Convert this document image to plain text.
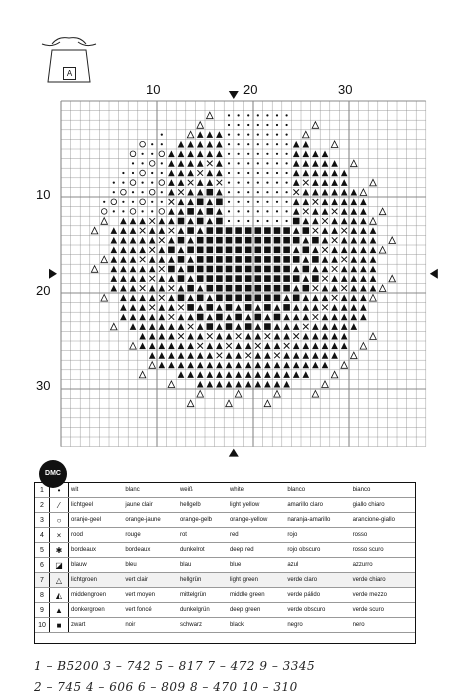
A
10	20	30
10
20
30
DMC
1	•	wit	blanc	weiß	white	blanco	bianco
2	⁄	lichtgeel	jaune clair	hellgelb	light yellow	amarillo claro	giallo chiaro
3	○	oranje-geel	orange-jaune	orange-gelb	orange-yellow	naranja-amarillo	arancione-giallo
4	×	rood	rouge	rot	red	rojo	rosso
5	✱	bordeaux	bordeaux	dunkelrot	deep red	rojo obscuro	rosso scuro
6	◪	blauw	bleu	blau	blue	azul	azzurro
7	△	lichtgroen	vert clair	hellgrün	light green	verde claro	verde chiaro
8	◭	middengroen	vert moyen	mittelgrün	middle green	verde pálido	verde mezzo
9	▲	donkergroen	vert foncé	dunkelgrün	deep green	verde obscuro	verde scuro
10	■	zwart	noir	schwarz	black	negro	nero
1 – B5200 3 – 742 5 – 817 7 – 472 9 – 3345
2 – 745 4 – 606 6 – 809 8 – 470 10 – 310
